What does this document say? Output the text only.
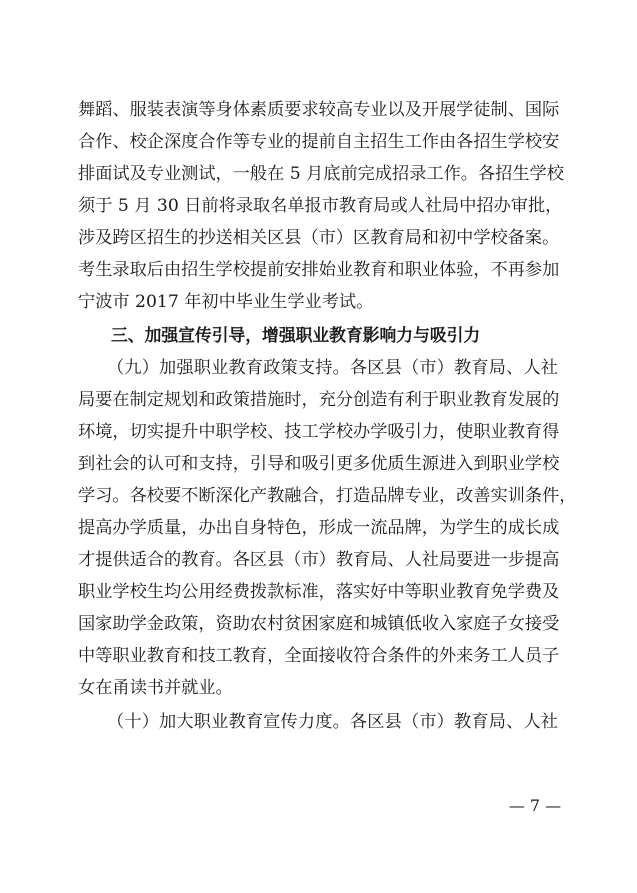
舞蹈、服装表演等身体素质要求较高专业以及开展学徒制、国际
合作、校企深度合作等专业的提前自主招生工作由各招生学校安
排面试及专业测试，一般在 5 月底前完成招录工作。各招生学校
须于 5 月 30 日前将录取名单报市教育局或人社局中招办审批，
涉及跨区招生的抄送相关区县（市）区教育局和初中学校备案。
考生录取后由招生学校提前安排始业教育和职业体验，不再参加
宁波市 2017 年初中毕业生学业考试。
三、加强宣传引导，增强职业教育影响力与吸引力
（九）加强职业教育政策支持。各区县（市）教育局、人社
局要在制定规划和政策措施时，充分创造有利于职业教育发展的
环境，切实提升中职学校、技工学校办学吸引力，使职业教育得
到社会的认可和支持，引导和吸引更多优质生源进入到职业学校
学习。各校要不断深化产教融合，打造品牌专业，改善实训条件，
提高办学质量，办出自身特色，形成一流品牌，为学生的成长成
才提供适合的教育。各区县（市）教育局、人社局要进一步提高
职业学校生均公用经费拨款标准，落实好中等职业教育免学费及
国家助学金政策，资助农村贫困家庭和城镇低收入家庭子女接受
中等职业教育和技工教育，全面接收符合条件的外来务工人员子
女在甬读书并就业。
（十）加大职业教育宣传力度。各区县（市）教育局、人社
— 7 —
